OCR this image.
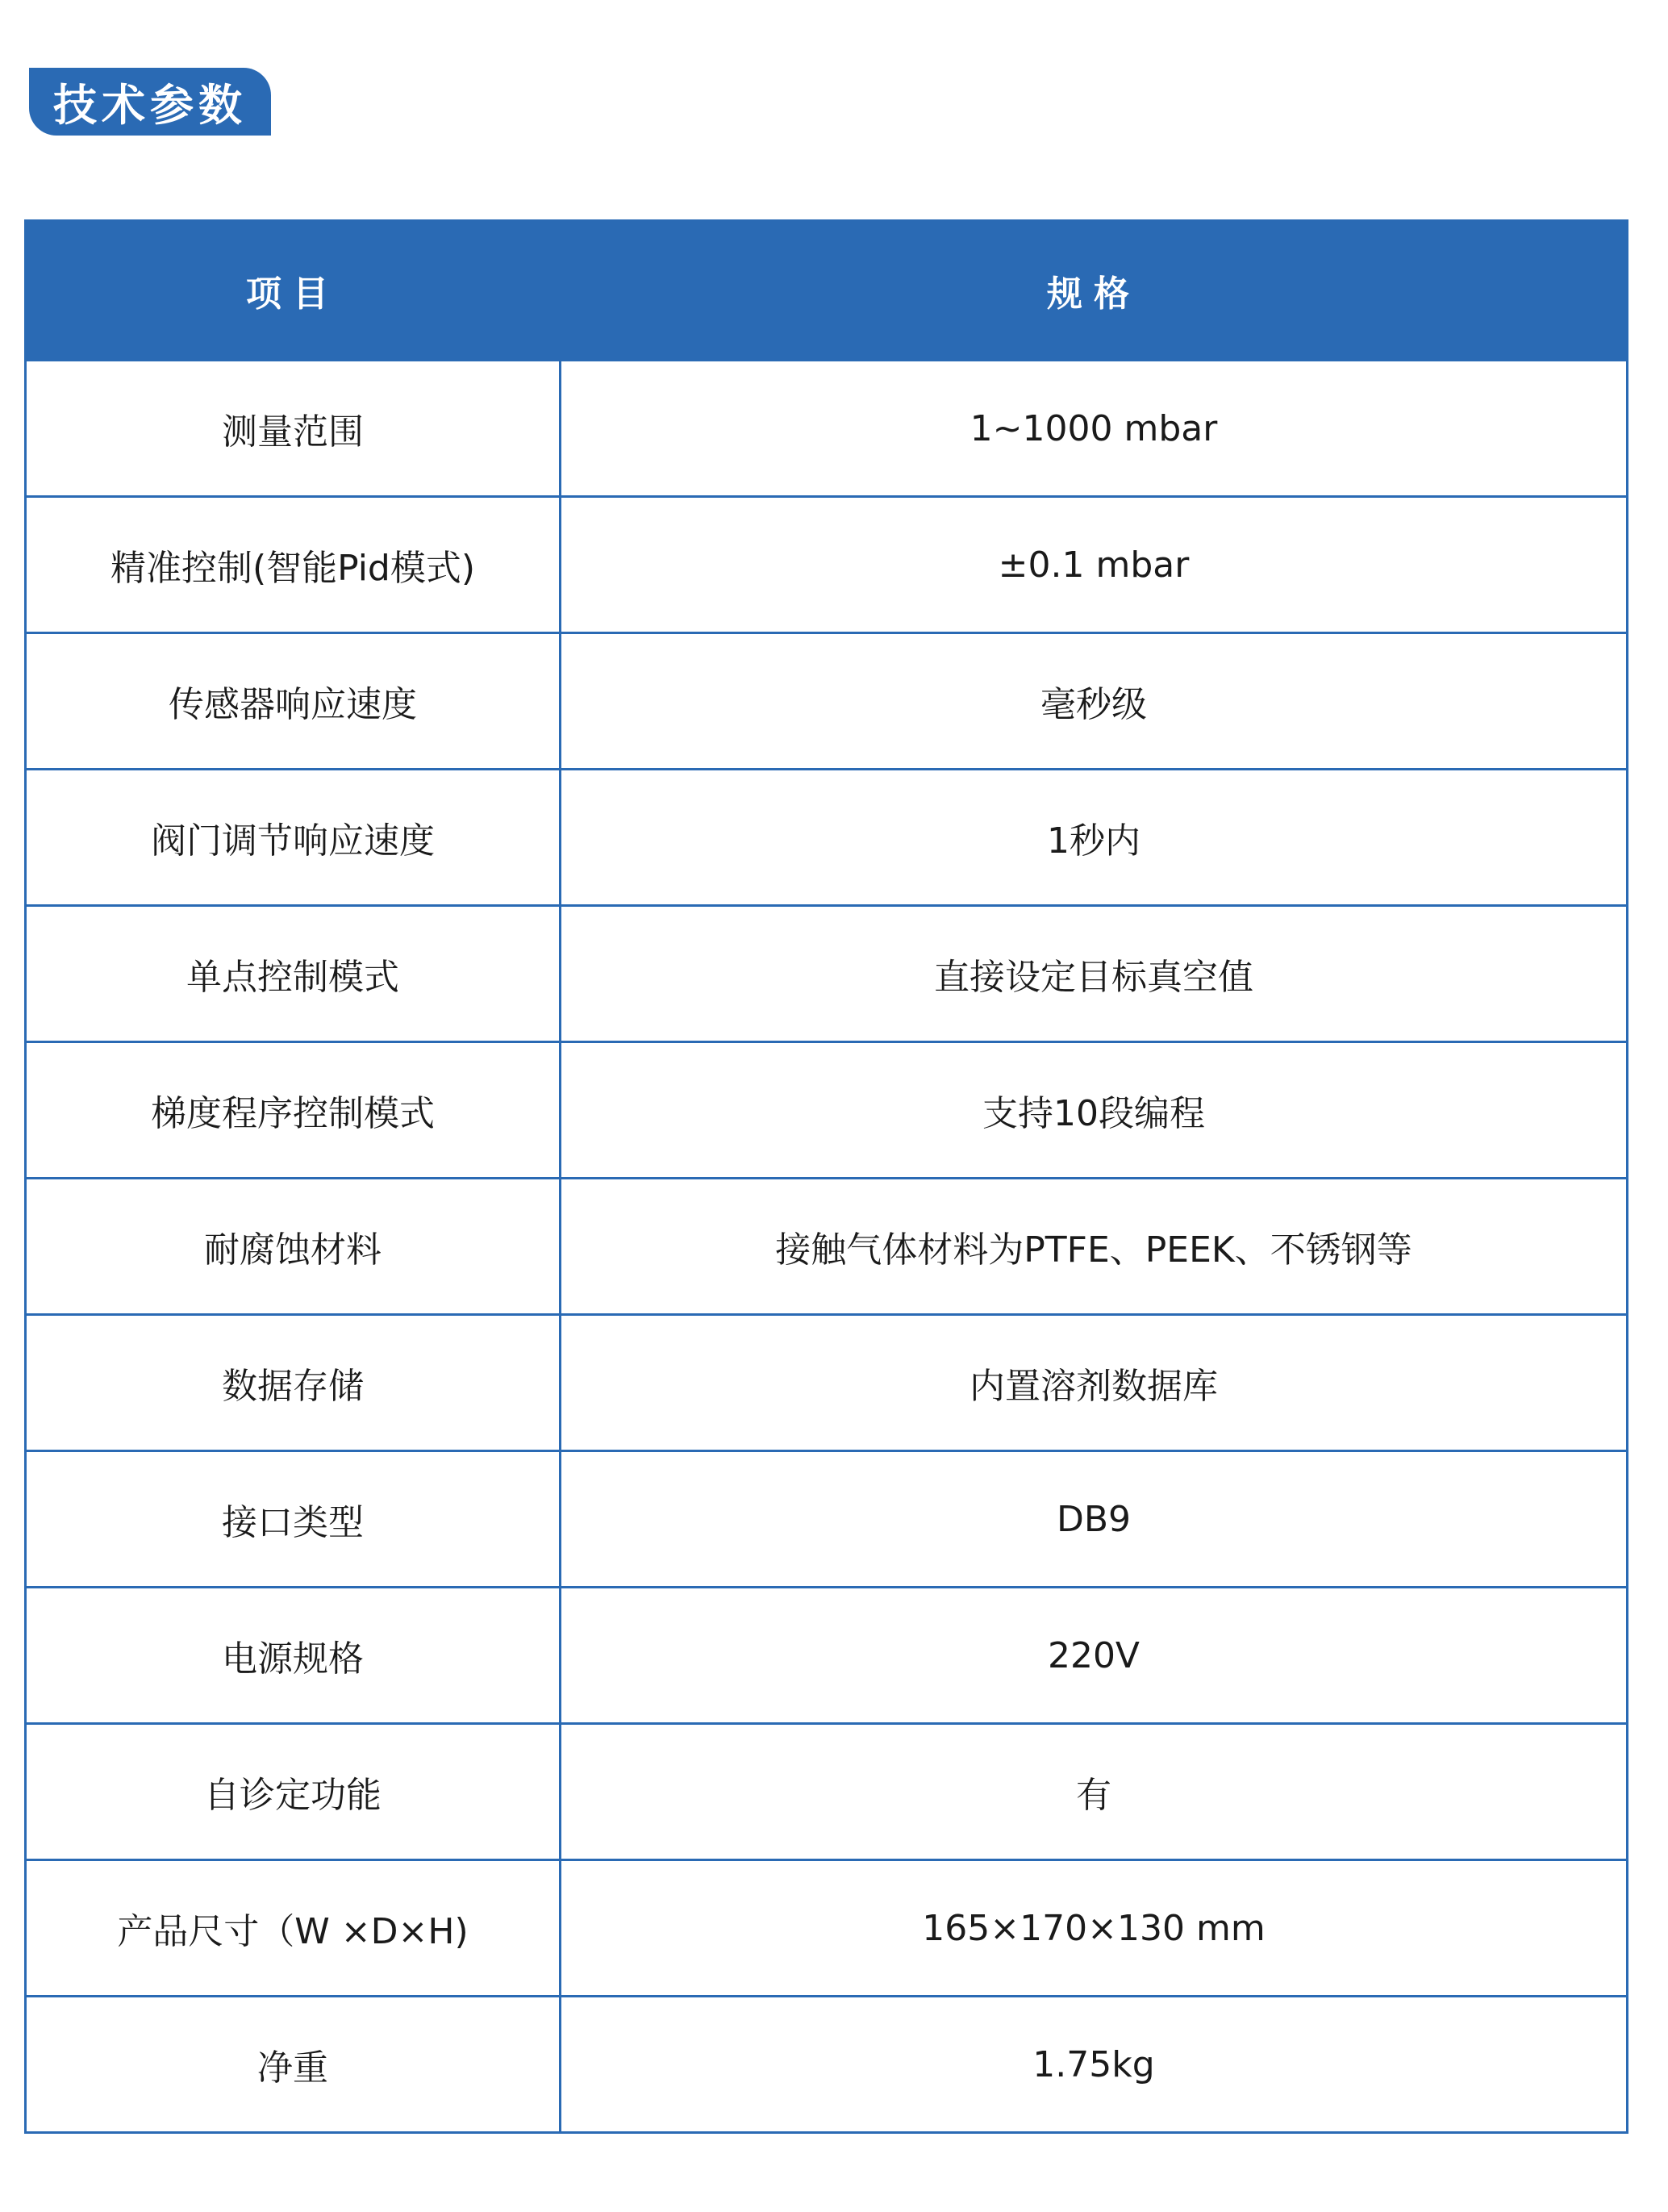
技术参数
项目	规格
测量范围	1~1000 mbar
精准控制(智能Pid模式)	±0.1 mbar
传感器响应速度	毫秒级
阀门调节响应速度	1秒内
单点控制模式	直接设定目标真空值
梯度程序控制模式	支持10段编程
耐腐蚀材料	接触气体材料为PTFE、PEEK、不锈钢等
数据存储	内置溶剂数据库
接口类型	DB9
电源规格	220V
自诊定功能	有
产品尺寸（W ×D×H)	165×170×130 mm
净重	1.75kg
